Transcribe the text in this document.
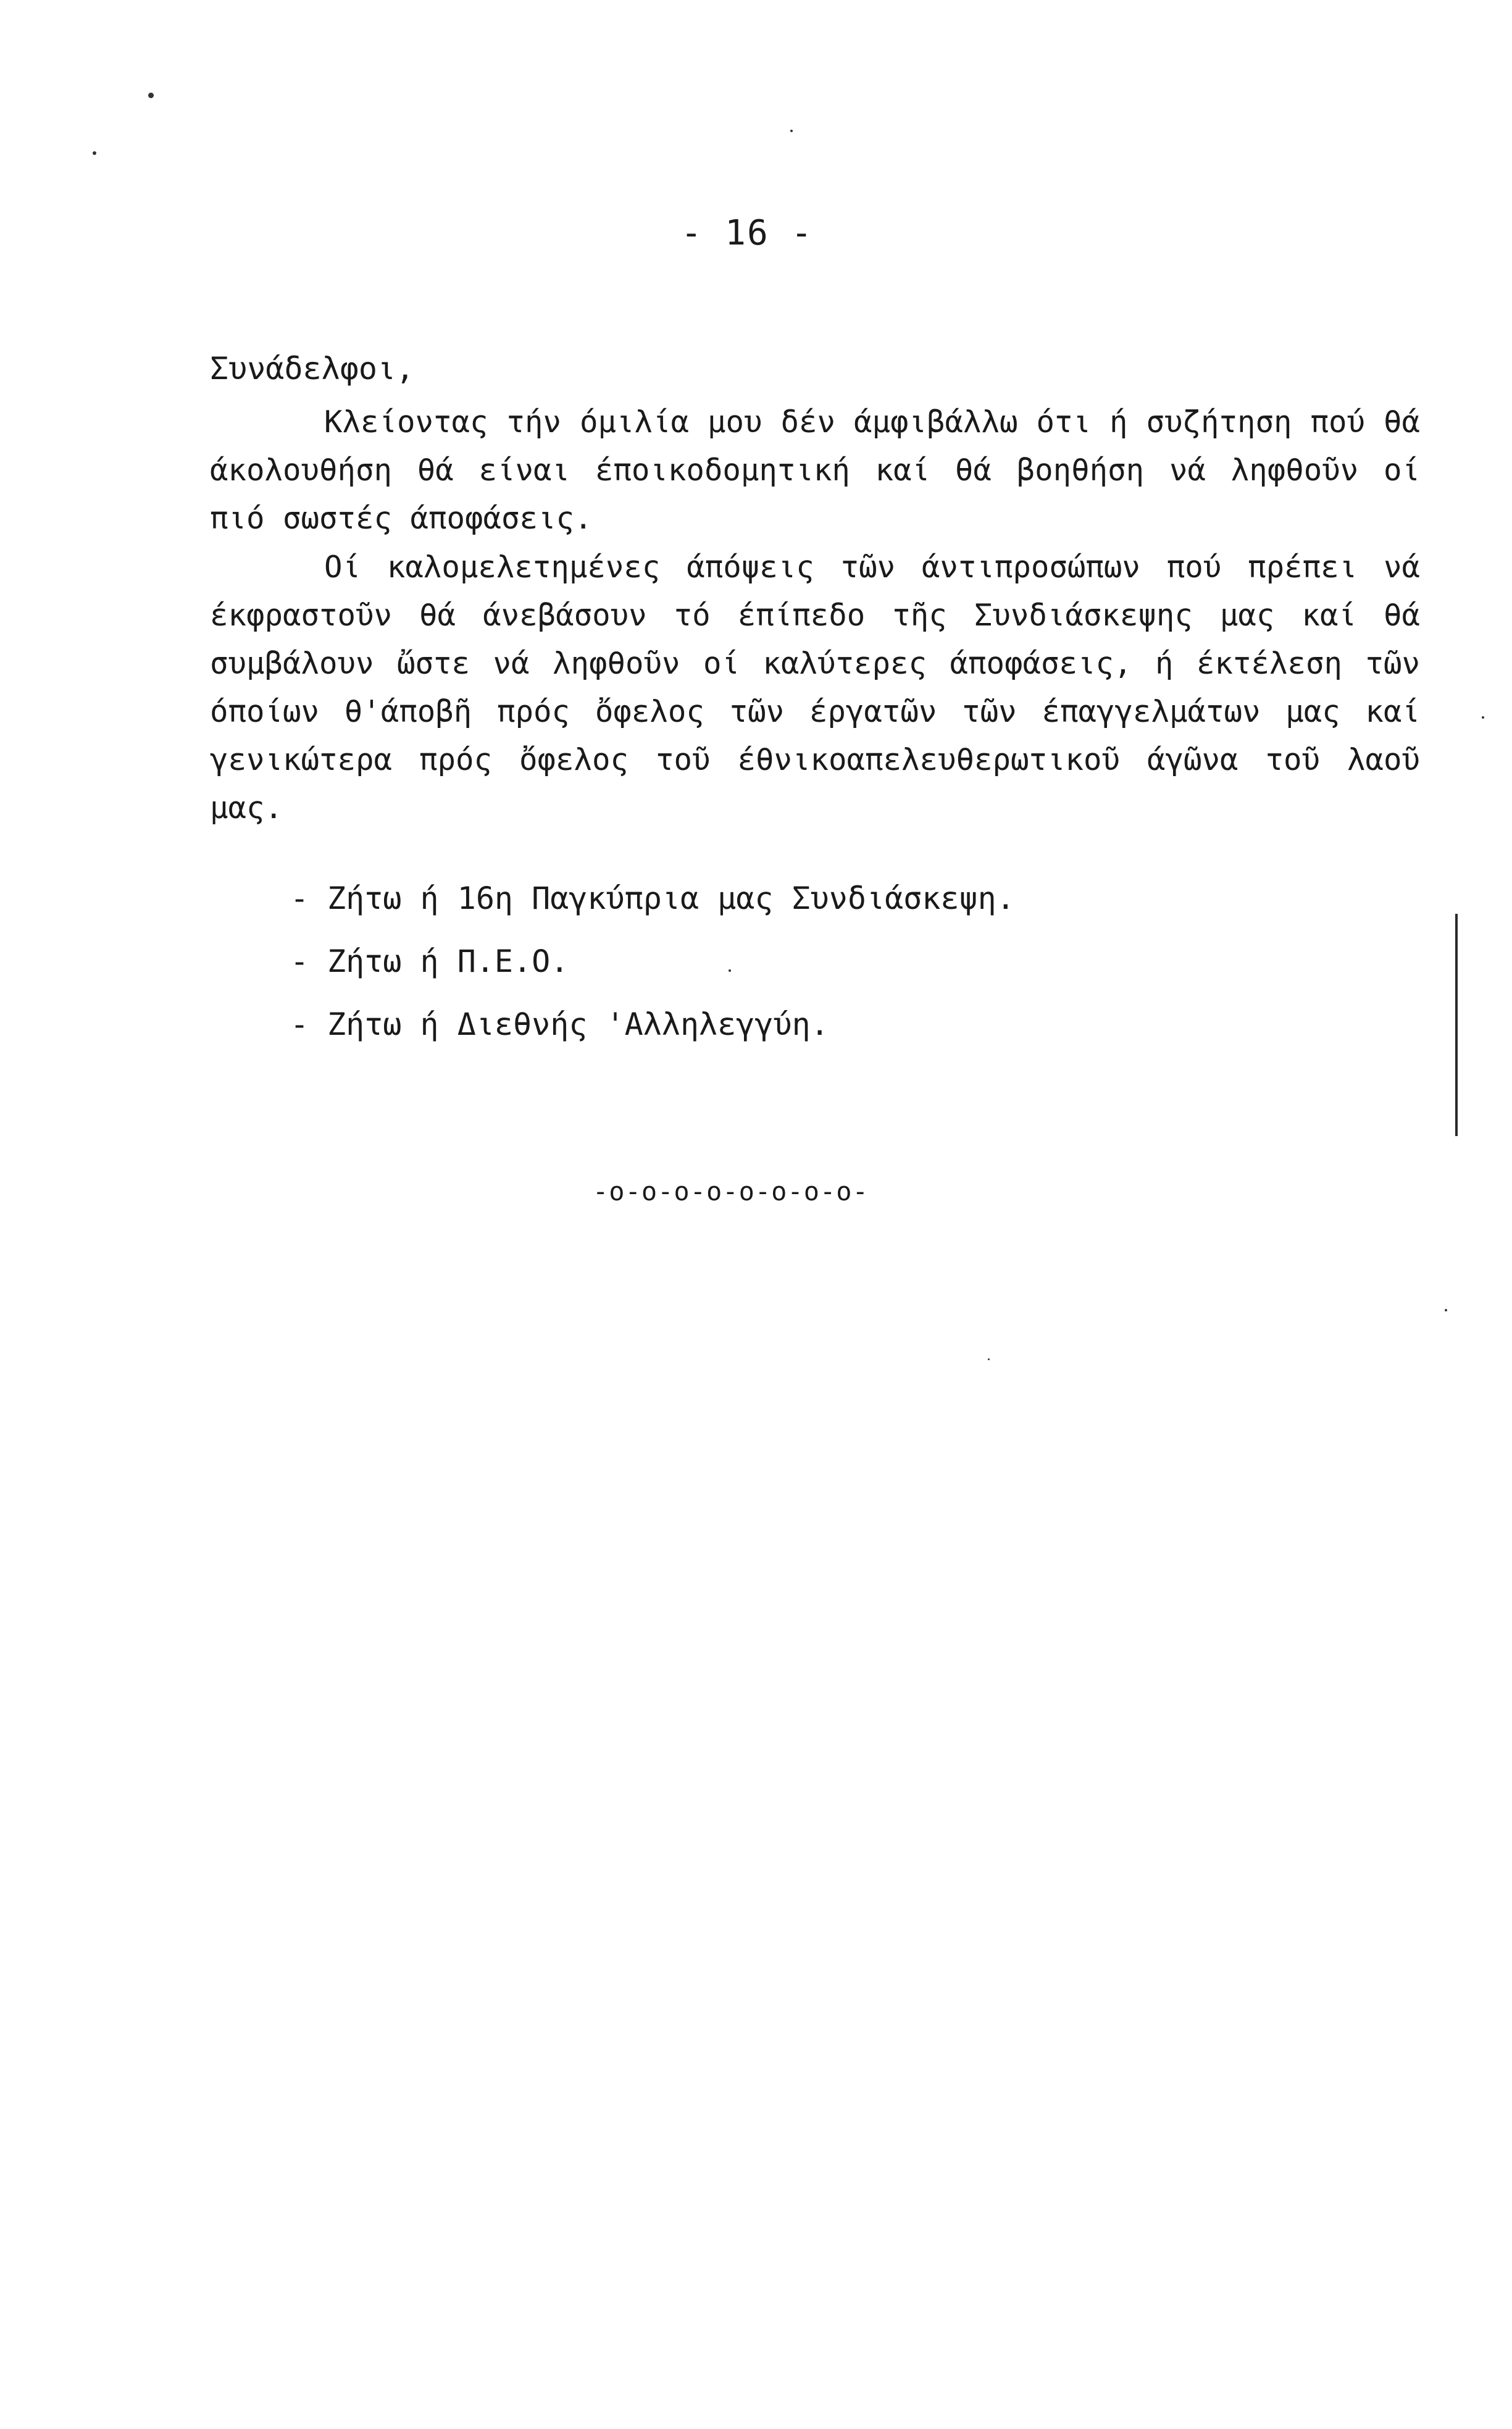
- 16 -
Συνάδελφοι,

Κλείοντας τήν όμιλία μου δέν άμφιβάλλω ότι ή συζήτηση πού θά άκολουθήση θά είναι έποικοδομητική καί θά βοηθήση νά ληφθοῦν οί πιό σωστές άποφάσεις.

Οί καλομελετημένες άπόψεις τῶν άντιπροσώπων πού πρέπει νά έκφραστοῦν θά άνεβάσουν τό έπίπεδο τῆς Συνδιάσκεψης μας καί θά συμβάλουν ὤστε νά ληφθοῦν οί καλύτερες άποφάσεις, ή έκτέλεση τῶν όποίων θ'άποβῆ πρός ὄφελος τῶν έργατῶν τῶν έπαγγελμάτων μας καί γενικώτερα πρός ὄφελος τοῦ έθνικοαπελευθερωτικοῦ άγῶνα τοῦ λαοῦ μας.

- Ζήτω ή 16η Παγκύπρια μας Συνδιάσκεψη.
- Ζήτω ή Π.Ε.Ο.
- Ζήτω ή Διεθνής 'Αλληλεγγύη.
-o-o-o-o-o-o-o-o-
